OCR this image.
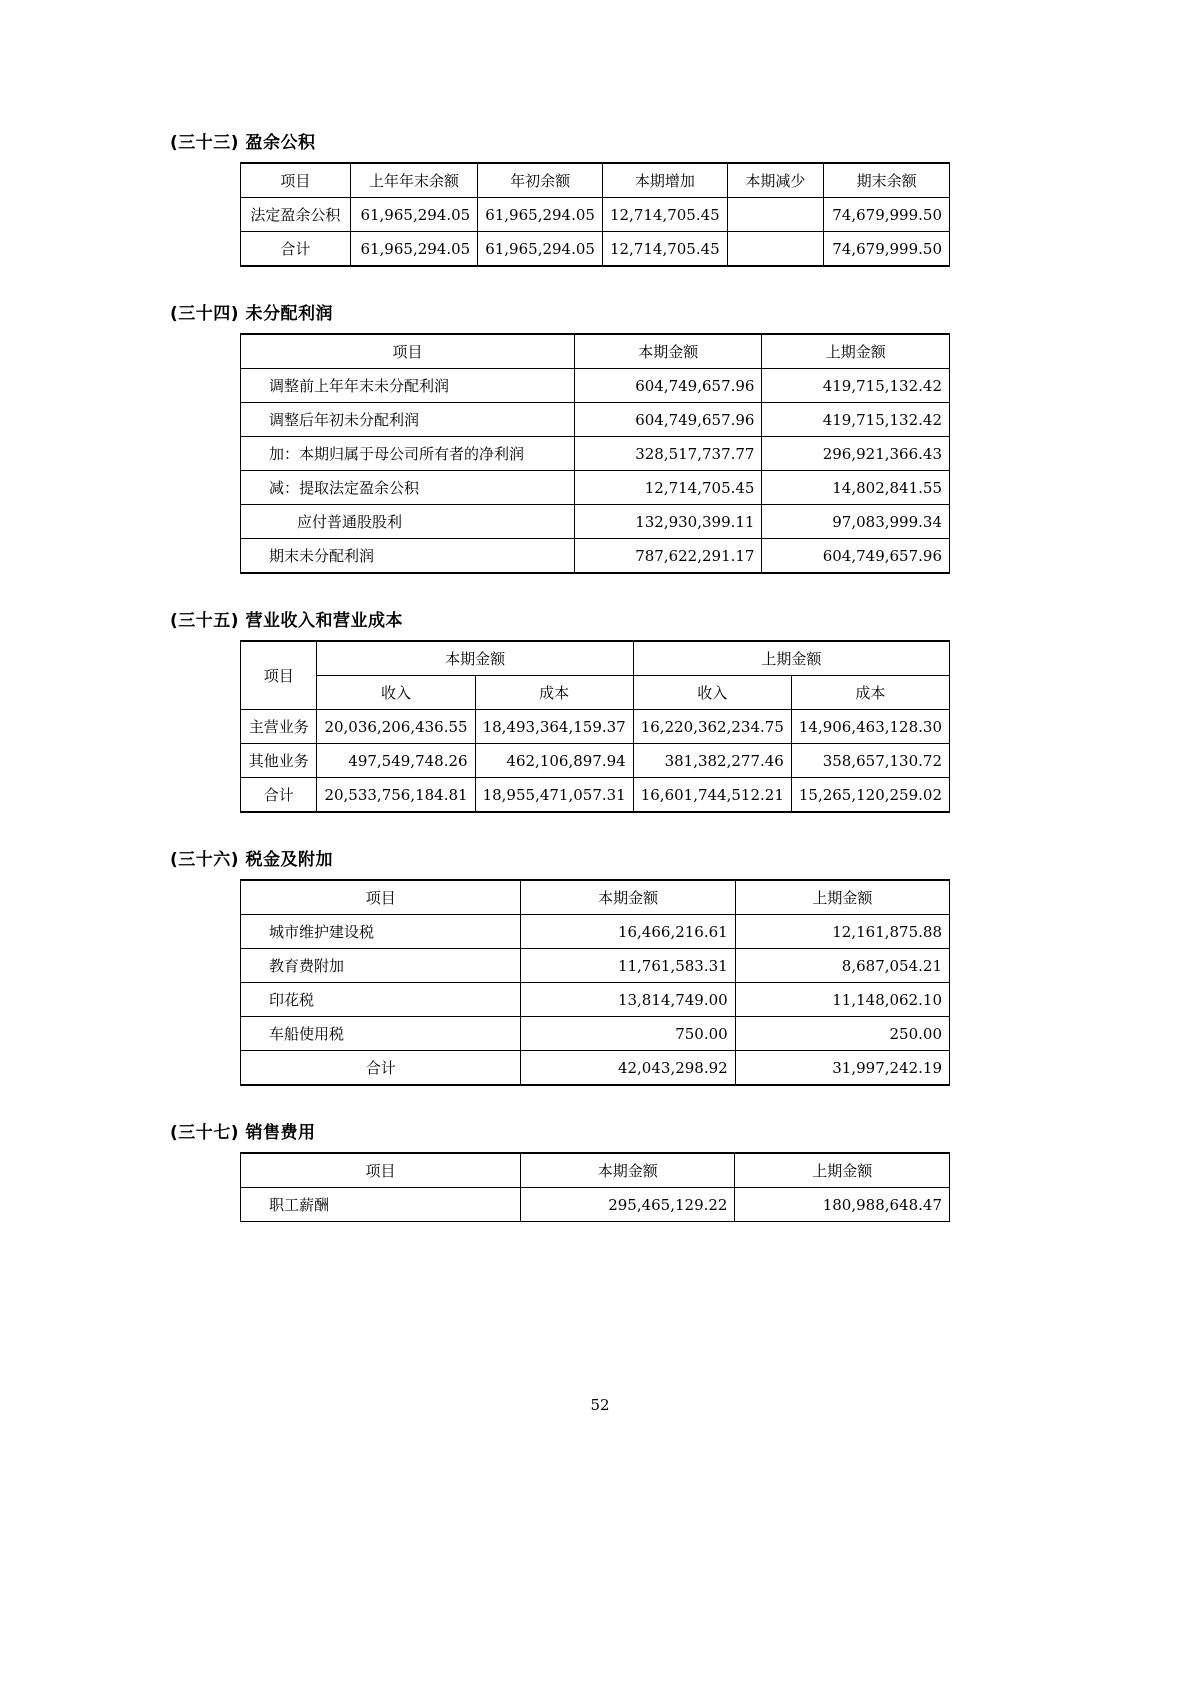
(三十三) 盈余公积
项目	上年年末余额	年初余额	本期增加	本期减少	期末余额
法定盈余公积	61,965,294.05	61,965,294.05	12,714,705.45		74,679,999.50
合计	61,965,294.05	61,965,294.05	12,714,705.45		74,679,999.50
(三十四) 未分配利润
项目	本期金额	上期金额
调整前上年年末未分配利润	604,749,657.96	419,715,132.42
调整后年初未分配利润	604,749,657.96	419,715,132.42
加：本期归属于母公司所有者的净利润	328,517,737.77	296,921,366.43
减：提取法定盈余公积	12,714,705.45	14,802,841.55
应付普通股股利	132,930,399.11	97,083,999.34
期末未分配利润	787,622,291.17	604,749,657.96
(三十五) 营业收入和营业成本
项目	本期金额		上期金额	
	收入	成本	收入	成本
主营业务	20,036,206,436.55	18,493,364,159.37	16,220,362,234.75	14,906,463,128.30
其他业务	497,549,748.26	462,106,897.94	381,382,277.46	358,657,130.72
合计	20,533,756,184.81	18,955,471,057.31	16,601,744,512.21	15,265,120,259.02
(三十六) 税金及附加
项目	本期金额	上期金额
城市维护建设税	16,466,216.61	12,161,875.88
教育费附加	11,761,583.31	8,687,054.21
印花税	13,814,749.00	11,148,062.10
车船使用税	750.00	250.00
合计	42,043,298.92	31,997,242.19
(三十七) 销售费用
项目	本期金额	上期金额
职工薪酬	295,465,129.22	180,988,648.47
52
